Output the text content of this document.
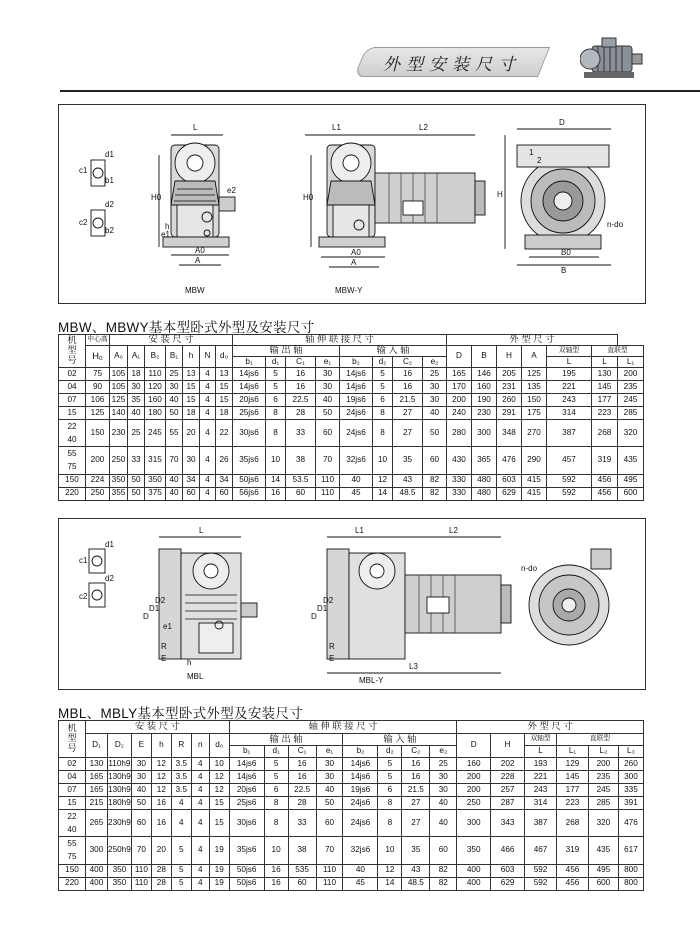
外型安装尺寸
L	L1	L2
D
H
H0	H0
A
A0
A
A0
B
B0
d1
b1
c1
c2
d2
b2	e1
e2
h	n-do
1
2
MBW	MBW-Y
MBW、MBWY基本型卧式外型及安装尺寸
机型号	中心高	安 装 尺 寸							轴 伸 联 接 尺 寸								外 型 尺 寸						
	H₀	A₀	A₁	B₂	B₁	h	N	d₀	输 出 轴				输 入 轴				D	B	H	A	双轴型	直联型	
									b₁	d₁	C₁	e₁	b₂	d₂	C₂	e₂					L	L	L₁
02	75	105	18	110	25	13	4	13	14js6	5	16	30	14js6	5	16	25	165	146	205	125	195	130	200
04	90	105	30	120	30	15	4	15	14js6	5	16	30	14js6	5	16	30	170	160	231	135	221	145	235
07	106	125	35	160	40	15	4	15	20js6	6	22.5	40	19js6	6	21.5	30	200	190	260	150	243	177	245
15	125	140	40	180	50	18	4	18	25js6	8	28	50	24js6	8	27	40	240	230	291	175	314	223	285

22
40	150	230	25	245	55	20	4	22	30js6	8	33	60	24js6	8	27	50	280	300	348	270	387	268	320

55
75	200	250	33	315	70	30	4	26	35js6	10	38	70	32js6	10	35	60	430	365	476	290	457	319	435
150	224	350	50	350	40	34	4	34	50js6	14	53.5	110	40	12	43	82	330	480	603	415	592	456	495
220	250	355	50	375	40	60	4	60	56js6	16	60	110	45	14	48.5	82	330	480	629	415	592	456	600
L	L1	L2
L3
D
D1
D2
D
D1
D2
R
E
R
E
h
e1
d1
c1
d2
c2
n-do
MBL	MBL-Y
MBL、MBLY基本型卧式外型及安装尺寸
机型号	安 装 尺 寸							轴 伸 联 接 尺 寸								外 型 尺 寸					
	D₁	D₂	E	h	R	n	d₀	输 出 轴				输 入 轴				D	H	双轴型	直联型		
								b₁	d₁	C₁	e₁	b₂	d₂	C₂	e₂			L	L₁	L₂	L₃
02	130	110h9	30	12	3.5	4	10	14js6	5	16	30	14js6	5	16	25	160	202	193	129	200	260
04	165	130h9	30	12	3.5	4	12	14js6	5	16	30	14js6	5	16	30	200	228	221	145	235	300
07	165	130h9	40	12	3.5	4	12	20js6	6	22.5	40	19js6	6	21.5	30	200	257	243	177	245	335
15	215	180h9	50	16	4	4	15	25js6	8	28	50	24js6	8	27	40	250	287	314	223	285	391

22
40	265	230h9	60	16	4	4	15	30js6	8	33	60	24js6	8	27	40	300	343	387	268	320	476

55
75	300	250h9	70	20	5	4	19	35js6	10	38	70	32js6	10	35	60	350	466	467	319	435	617
150	400	350	110	28	5	4	19	50js6	16	535	110	40	12	43	82	400	603	592	456	495	800
220	400	350	110	28	5	4	19	50js6	16	60	110	45	14	48.5	82	400	629	592	456	600	800
